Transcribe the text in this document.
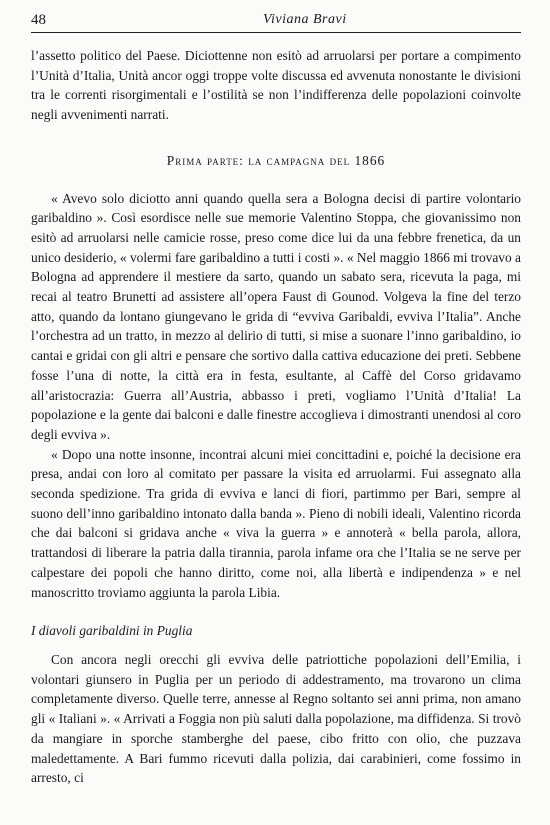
48	Viviana Bravi

l’assetto politico del Paese. Diciottenne non esitò ad arruolarsi per portare a compimento l’Unità d’Italia, Unità ancor oggi troppe volte discussa ed avvenuta nonostante le divisioni tra le correnti risorgimentali e l’ostilità se non l’indifferenza delle popolazioni coinvolte negli avvenimenti narrati.

Prima parte: la campagna del 1866

« Avevo solo diciotto anni quando quella sera a Bologna decisi di partire volontario garibaldino ». Così esordisce nelle sue memorie Valentino Stoppa, che giovanissimo non esitò ad arruolarsi nelle camicie rosse, preso come dice lui da una febbre frenetica, da un unico desiderio, « volermi fare garibaldino a tutti i costi ». « Nel maggio 1866 mi trovavo a Bologna ad apprendere il mestiere da sarto, quando un sabato sera, ricevuta la paga, mi recai al teatro Brunetti ad assistere all’opera Faust di Gounod. Volgeva la fine del terzo atto, quando da lontano giungevano le grida di “evviva Garibaldi, evviva l’Italia”. Anche l’orchestra ad un tratto, in mezzo al delirio di tutti, si mise a suonare l’inno garibaldino, io cantai e gridai con gli altri e pensare che sortivo dalla cattiva educazione dei preti. Sebbene fosse l’una di notte, la città era in festa, esultante, al Caffè del Corso gridavamo all’aristocrazia: Guerra all’Austria, abbasso i preti, vogliamo l’Unità d’Italia! La popolazione e la gente dai balconi e dalle finestre accoglieva i dimostranti unendosi al coro degli evviva ».

« Dopo una notte insonne, incontrai alcuni miei concittadini e, poiché la decisione era presa, andai con loro al comitato per passare la visita ed arruolarmi. Fui assegnato alla seconda spedizione. Tra grida di evviva e lanci di fiori, partimmo per Bari, sempre al suono dell’inno garibaldino intonato dalla banda ». Pieno di nobili ideali, Valentino ricorda che dai balconi si gridava anche « viva la guerra » e annoterà « bella parola, allora, trattandosi di liberare la patria dalla tirannia, parola infame ora che l’Italia se ne serve per calpestare dei popoli che hanno diritto, come noi, alla libertà e indipendenza » e nel manoscritto troviamo aggiunta la parola Libia.

I diavoli garibaldini in Puglia

Con ancora negli orecchi gli evviva delle patriottiche popolazioni dell’Emilia, i volontari giunsero in Puglia per un periodo di addestramento, ma trovarono un clima completamente diverso. Quelle terre, annesse al Regno soltanto sei anni prima, non amano gli « Italiani ». « Arrivati a Foggia non più saluti dalla popolazione, ma diffidenza. Si trovò da mangiare in sporche stamberghe del paese, cibo fritto con olio, che puzzava maledettamente. A Bari fummo ricevuti dalla polizia, dai carabinieri, come fossimo in arresto, ci
